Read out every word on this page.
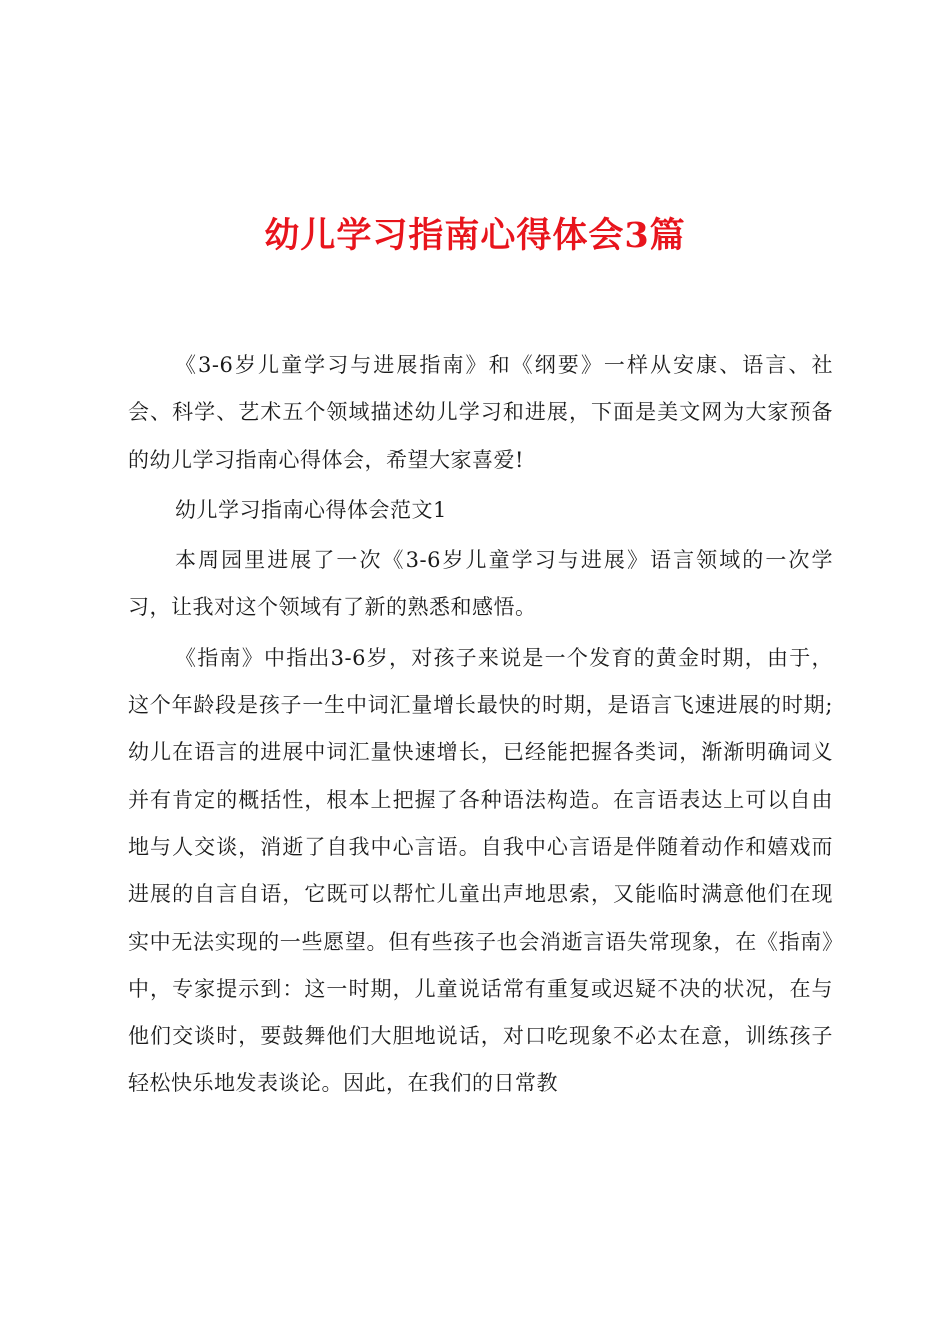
幼儿学习指南心得体会3篇

《3-6岁儿童学习与进展指南》和《纲要》一样从安康、语言、社会、科学、艺术五个领域描述幼儿学习和进展，下面是美文网为大家预备的幼儿学习指南心得体会，希望大家喜爱!

幼儿学习指南心得体会范文1

本周园里进展了一次《3-6岁儿童学习与进展》语言领域的一次学习，让我对这个领域有了新的熟悉和感悟。

《指南》中指出3-6岁，对孩子来说是一个发育的黄金时期，由于，这个年龄段是孩子一生中词汇量增长最快的时期，是语言飞速进展的时期;幼儿在语言的进展中词汇量快速增长，已经能把握各类词，渐渐明确词义并有肯定的概括性，根本上把握了各种语法构造。在言语表达上可以自由地与人交谈，消逝了自我中心言语。自我中心言语是伴随着动作和嬉戏而进展的自言自语，它既可以帮忙儿童出声地思索，又能临时满意他们在现实中无法实现的一些愿望。但有些孩子也会消逝言语失常现象，在《指南》中，专家提示到：这一时期，儿童说话常有重复或迟疑不决的状况，在与他们交谈时，要鼓舞他们大胆地说话，对口吃现象不必太在意，训练孩子轻松快乐地发表谈论。因此，在我们的日常教
